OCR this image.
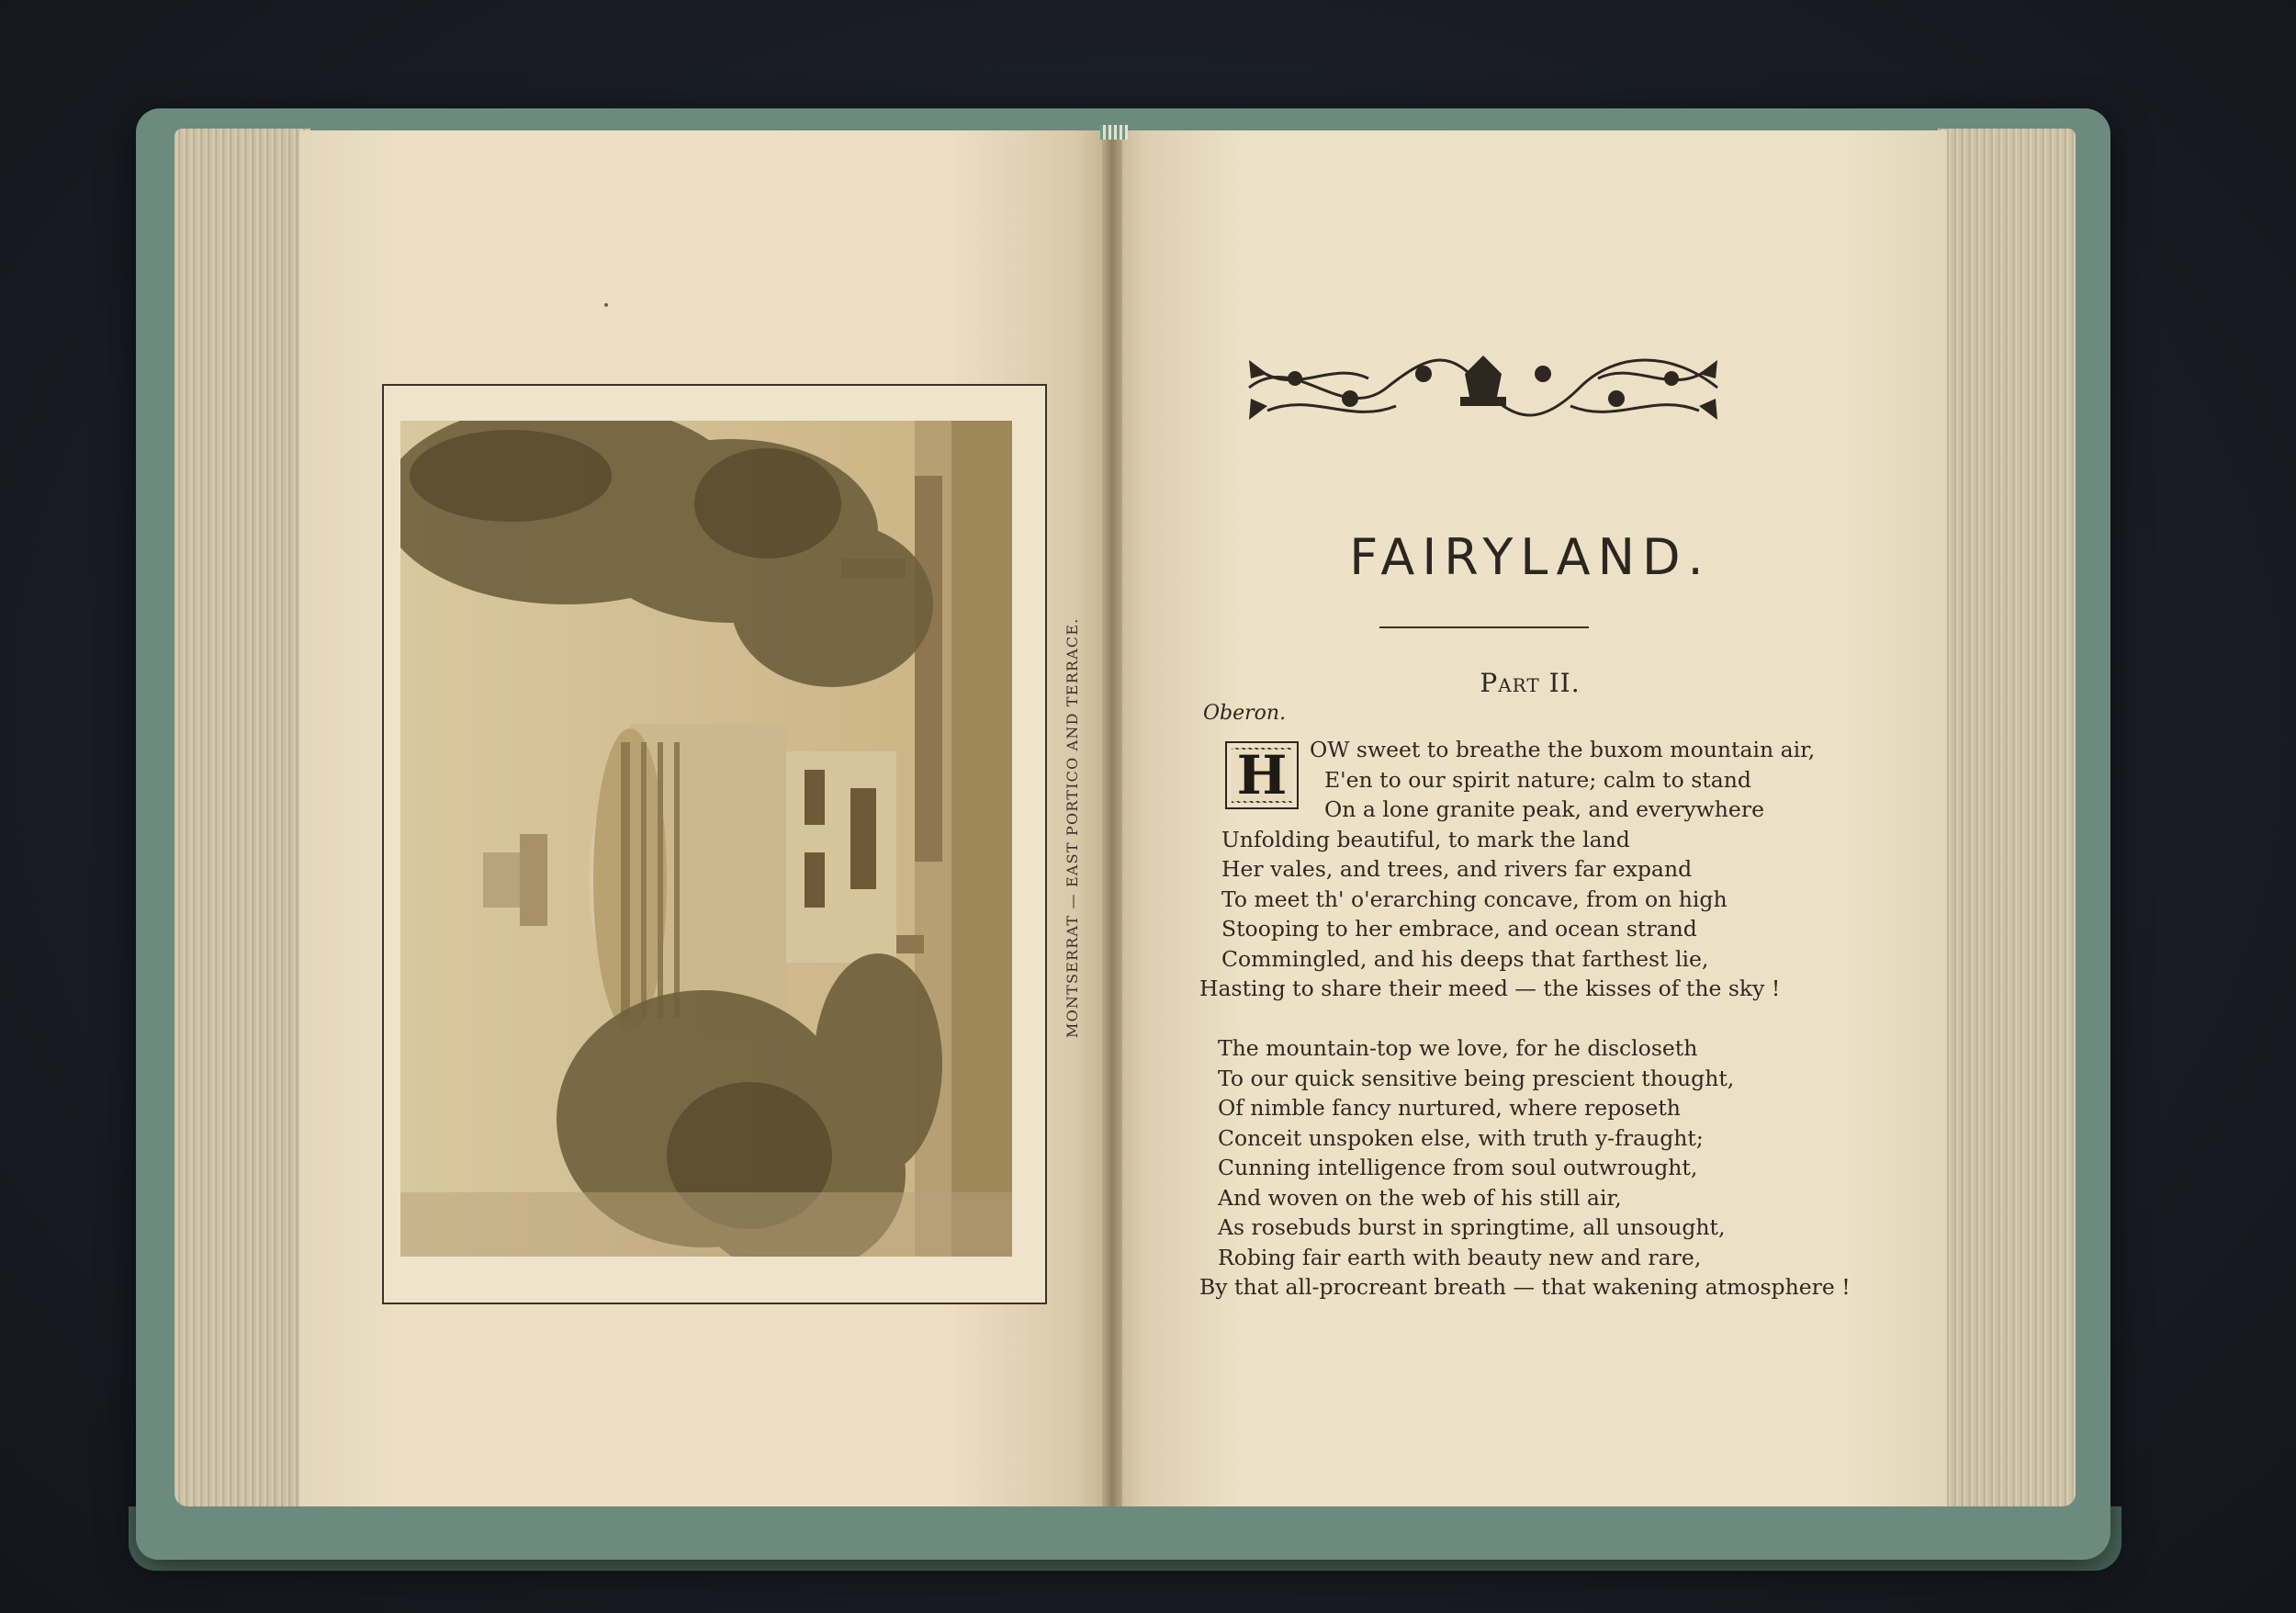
MONTSERRAT — EAST PORTICO AND TERRACE.
FAIRYLAND.
Part II.
Oberon.
H	OW sweet to breathe the buxom mountain air,
E'en to our spirit nature; calm to stand
On a lone granite peak, and everywhere
Unfolding beautiful, to mark the land
Her vales, and trees, and rivers far expand
To meet th' o'erarching concave, from on high
Stooping to her embrace, and ocean strand
Commingled, and his deeps that farthest lie,
Hasting to share their meed — the kisses of the sky !
The mountain-top we love, for he discloseth
To our quick sensitive being prescient thought,
Of nimble fancy nurtured, where reposeth
Conceit unspoken else, with truth y-fraught;
Cunning intelligence from soul outwrought,
And woven on the web of his still air,
As rosebuds burst in springtime, all unsought,
Robing fair earth with beauty new and rare,
By that all-procreant breath — that wakening atmosphere !
